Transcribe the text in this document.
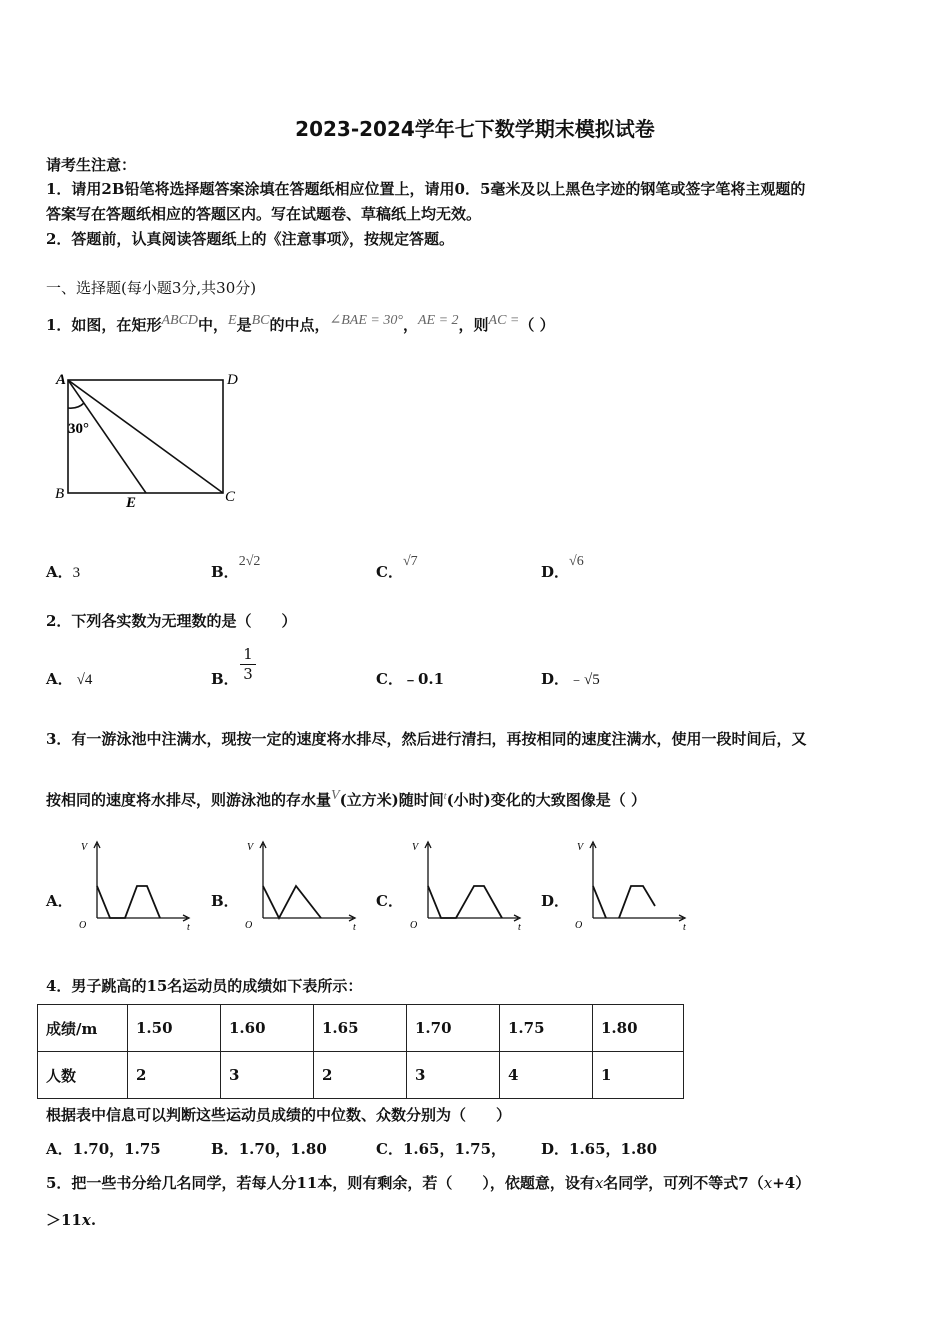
2023-2024学年七下数学期末模拟试卷
请考生注意：
1．请用2B铅笔将选择题答案涂填在答题纸相应位置上，请用0．5毫米及以上黑色字迹的钢笔或签字笔将主观题的
答案写在答题纸相应的答题区内。写在试题卷、草稿纸上均无效。
2．答题前，认真阅读答题纸上的《注意事项》，按规定答题。
一、选择题(每小题3分,共30分)
1．如图，在矩形ABCD中，E是BC的中点，∠BAE = 30°，AE = 2，则AC =（ ）
A	D
B	C
E
30°
A．3	B．2√2
C．√7
D．√6
2．下列各实数为无理数的是（　　）
A． √4	B． $\frac{1}{3}$	C．﹣0.1	D．﹣√5
3．有一游泳池中注满水，现按一定的速度将水排尽，然后进行清扫，再按相同的速度注满水，使用一段时间后，又
按相同的速度将水排尽，则游泳池的存水量V(立方米)随时间$^t$(小时)变化的大致图像是（ ）
A．	B．	C．	D．
V
O	t
V
O	t
V
O	t
V
O	t
4．男子跳高的15名运动员的成绩如下表所示：
成绩/m	1.50	1.60	1.65	1.70	1.75	1.80
人数	2	3	2	3	4	1
根据表中信息可以判断这些运动员成绩的中位数、众数分别为（　　）
A．1.70，1.75	B．1.70，1.80	C．1.65，1.75， D．1.65，1.80
5．把一些书分给几名同学，若每人分11本，则有剩余，若（　　），依题意，设有x名同学，可列不等式7（x+4）
＞11x.
